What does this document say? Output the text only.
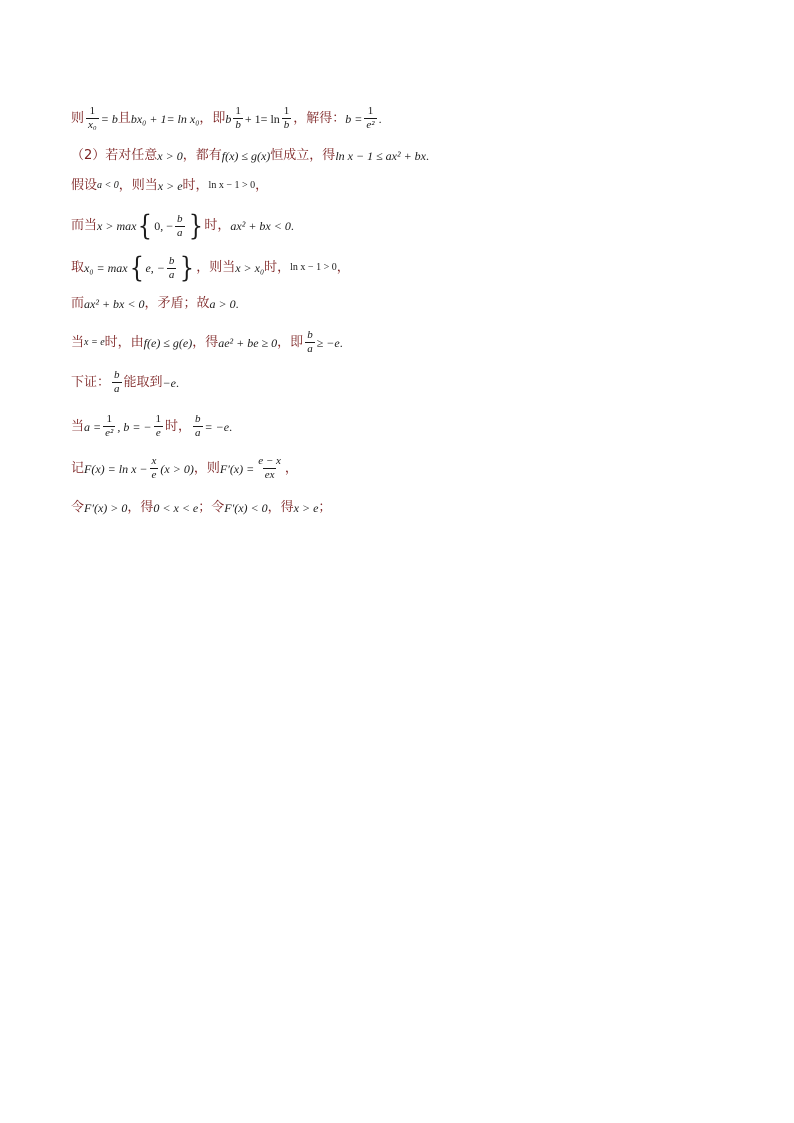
则 $\frac{1}{\text{x₀}} = b$ 且 bx₀ + 1= ln x₀ ，即 b $\frac{1}{b} + 1= \ln \frac{1}{b}$ ，解得： $b = \frac{1}{\text{e²}}$ .
（2）若对任意 x > 0 ，都有 f(x) ≤ g(x) 恒成立，得 ln x − 1 ≤ ax² + bx .
假设 a < 0 ，则当 x > e 时， ln x − 1 > 0 ，
而当 x > max { 0, − $\frac{b}{a}$ } 时， ax² + bx < 0 .
取 x₀ = max { e, − $\frac{b}{a}$ } ，则当 x > x₀ 时， ln x − 1 > 0 ，
而 ax² + bx < 0 ，矛盾；故 a > 0 .
当 x = e 时，由 f(e) ≤ g(e) ，得 ae² + be ≥ 0 ，即 $\frac{b}{a} \ge -e$ .
下证： $\frac{b}{a}$ 能取到 −e .
当 $a = \frac{1}{\text{e²}}$ , b = − $\frac{1}{e}$ 时， $\frac{b}{a} = -e$ .
记 $F(x) = \ln x - \frac{x}{e} (x > 0)$ ，则 $F'(x) = \frac{e - x}{ex}$ ，
令 F′(x) > 0 ，得 0 < x < e ；令 F′(x) < 0 ，得 x > e ；
